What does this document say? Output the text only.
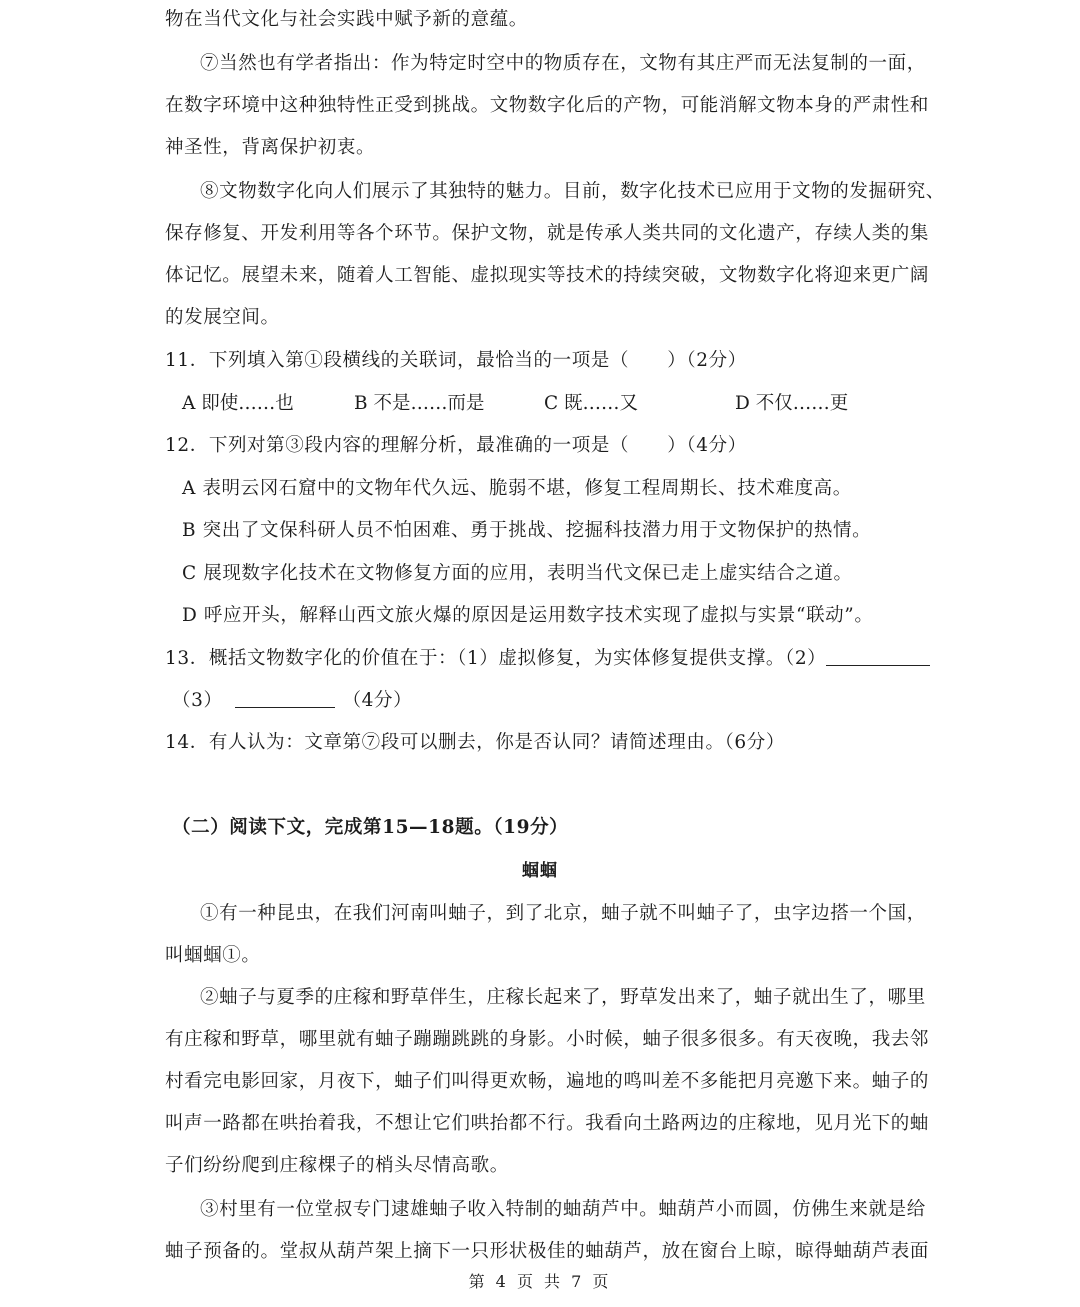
物在当代文化与社会实践中赋予新的意蕴。

⑦当然也有学者指出：作为特定时空中的物质存在，文物有其庄严而无法复制的一面，

在数字环境中这种独特性正受到挑战。文物数字化后的产物，可能消解文物本身的严肃性和

神圣性，背离保护初衷。

⑧文物数字化向人们展示了其独特的魅力。目前，数字化技术已应用于文物的发掘研究、

保存修复、开发利用等各个环节。保护文物，就是传承人类共同的文化遗产，存续人类的集

体记忆。展望未来，随着人工智能、虚拟现实等技术的持续突破，文物数字化将迎来更广阔

的发展空间。

11．下列填入第①段横线的关联词，最恰当的一项是（　　）（2分）

A 即使……也	B 不是……而是	C 既……又	D 不仅……更

12．下列对第③段内容的理解分析，最准确的一项是（　　）（4分）

A 表明云冈石窟中的文物年代久远、脆弱不堪，修复工程周期长、技术难度高。

B 突出了文保科研人员不怕困难、勇于挑战、挖掘科技潜力用于文物保护的热情。

C 展现数字化技术在文物修复方面的应用，表明当代文保已走上虚实结合之道。

D 呼应开头，解释山西文旅火爆的原因是运用数字技术实现了虚拟与实景“联动”。

13．概括文物数字化的价值在于：（1）虚拟修复，为实体修复提供支撑。（2）

（3）	（4分）

14．有人认为：文章第⑦段可以删去，你是否认同？请简述理由。（6分）

（二）阅读下文，完成第15—18题。（19分）

蝈蝈

①有一种昆虫，在我们河南叫蚰子，到了北京，蚰子就不叫蚰子了，虫字边搭一个国，

叫蝈蝈①。

②蚰子与夏季的庄稼和野草伴生，庄稼长起来了，野草发出来了，蚰子就出生了，哪里

有庄稼和野草，哪里就有蚰子蹦蹦跳跳的身影。小时候，蚰子很多很多。有天夜晚，我去邻

村看完电影回家，月夜下，蚰子们叫得更欢畅，遍地的鸣叫差不多能把月亮邀下来。蚰子的

叫声一路都在哄抬着我，不想让它们哄抬都不行。我看向土路两边的庄稼地，见月光下的蚰

子们纷纷爬到庄稼棵子的梢头尽情高歌。

③村里有一位堂叔专门逮雄蚰子收入特制的蚰葫芦中。蚰葫芦小而圆，仿佛生来就是给

蚰子预备的。堂叔从葫芦架上摘下一只形状极佳的蚰葫芦，放在窗台上晾，晾得蚰葫芦表面

第 4 页 共 7 页
